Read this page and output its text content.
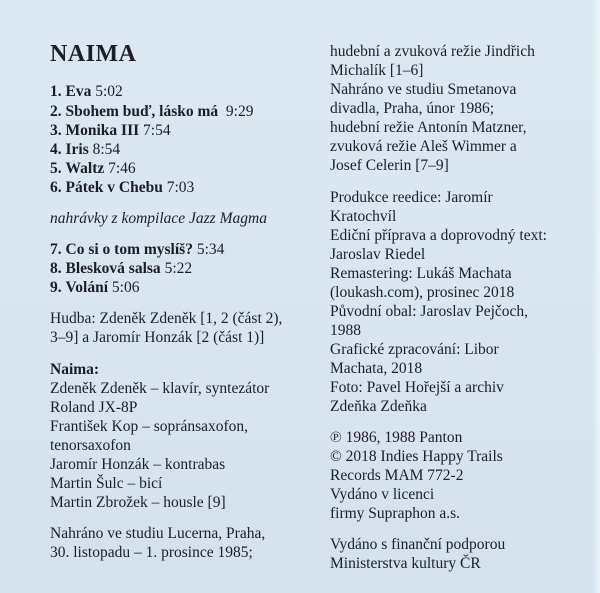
NAIMA
1. Eva 5:02
2. Sbohem buď, lásko má 9:29
3. Monika III 7:54
4. Iris 8:54
5. Waltz 7:46
6. Pátek v Chebu 7:03
nahrávky z kompilace Jazz Magma
7. Co si o tom myslíš? 5:34
8. Blesková salsa 5:22
9. Volání 5:06
Hudba: Zdeněk Zdeněk [1, 2 (část 2),
3–9] a Jaromír Honzák [2 (část 1)]
Naima:
Zdeněk Zdeněk – klavír, syntezátor
Roland JX-8P
František Kop – sopránsaxofon,
tenorsaxofon
Jaromír Honzák – kontrabas
Martin Šulc – bicí
Martin Zbrožek – housle [9]
Nahráno ve studiu Lucerna, Praha,
30. listopadu – 1. prosince 1985;
hudební a zvuková režie Jindřich
Michalík [1–6]
Nahráno ve studiu Smetanova
divadla, Praha, únor 1986;
hudební režie Antonín Matzner,
zvuková režie Aleš Wimmer a
Josef Celerin [7–9]
Produkce reedice: Jaromír
Kratochvíl
Ediční příprava a doprovodný text:
Jaroslav Riedel
Remastering: Lukáš Machata
(loukash.com), prosinec 2018
Původní obal: Jaroslav Pejčoch,
1988
Grafické zpracování: Libor
Machata, 2018
Foto: Pavel Hořejší a archiv
Zdeňka Zdeňka
℗ 1986, 1988 Panton
© 2018 Indies Happy Trails
Records MAM 772-2
Vydáno v licenci
firmy Supraphon a.s.
Vydáno s finanční podporou
Ministerstva kultury ČR
